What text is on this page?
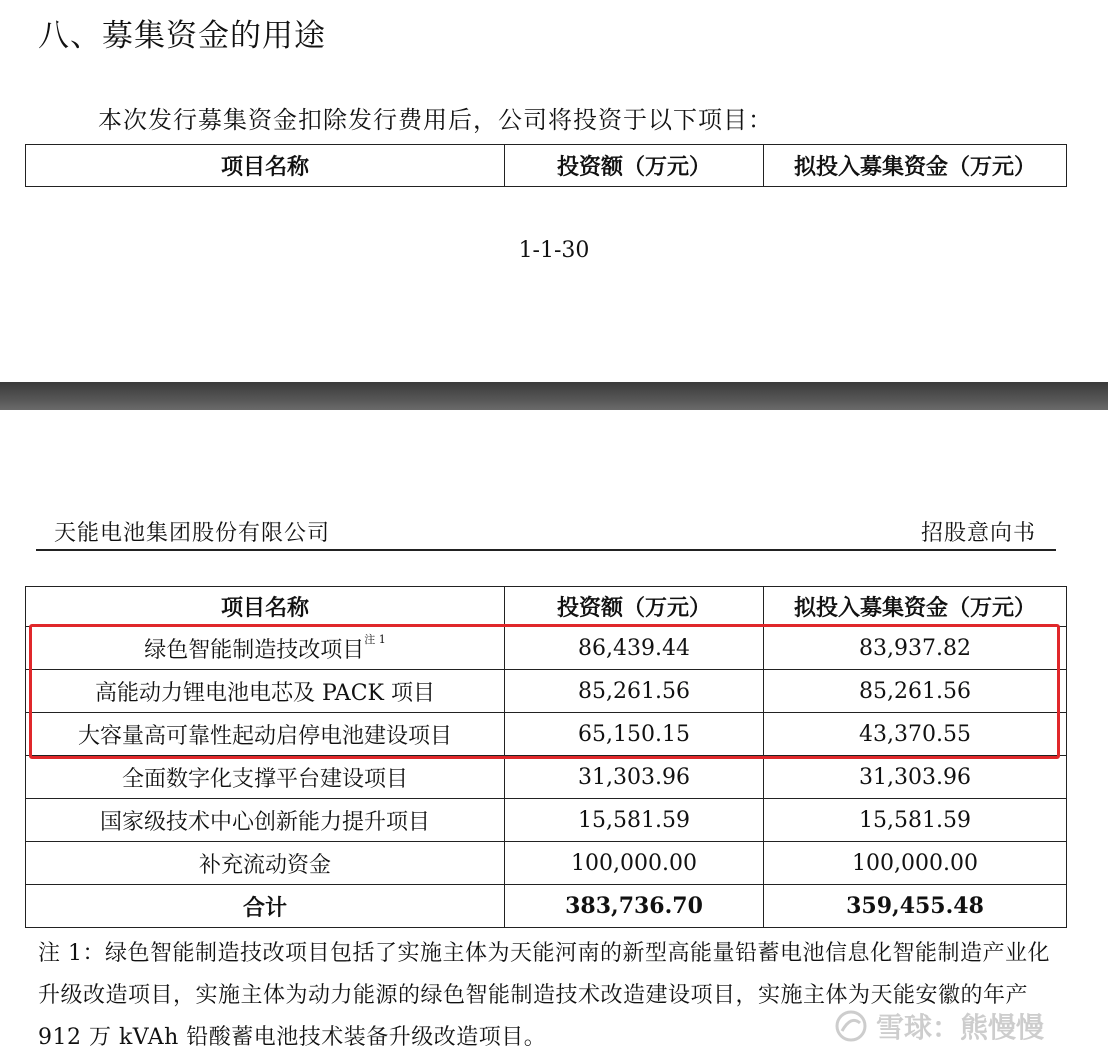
八、募集资金的用途

本次发行募集资金扣除发行费用后，公司将投资于以下项目：

项目名称	投资额（万元）	拟投入募集资金（万元）
1-1-30
天能电池集团股份有限公司	招股意向书
项目名称	投资额（万元）	拟投入募集资金（万元）
绿色智能制造技改项目$^{注 1}$	86,439.44	83,937.82
高能动力锂电池电芯及 PACK 项目	85,261.56	85,261.56
大容量高可靠性起动启停电池建设项目	65,150.15	43,370.55
全面数字化支撑平台建设项目	31,303.96	31,303.96
国家级技术中心创新能力提升项目	15,581.59	15,581.59
补充流动资金	100,000.00	100,000.00
合计	383,736.70	359,455.48

注 1：绿色智能制造技改项目包括了实施主体为天能河南的新型高能量铅蓄电池信息化智能制造产业化升级改造项目，实施主体为动力能源的绿色智能制造技术改造建设项目，实施主体为天能安徽的年产 912 万 kVAh 铅酸蓄电池技术装备升级改造项目。	雪球：熊慢慢
